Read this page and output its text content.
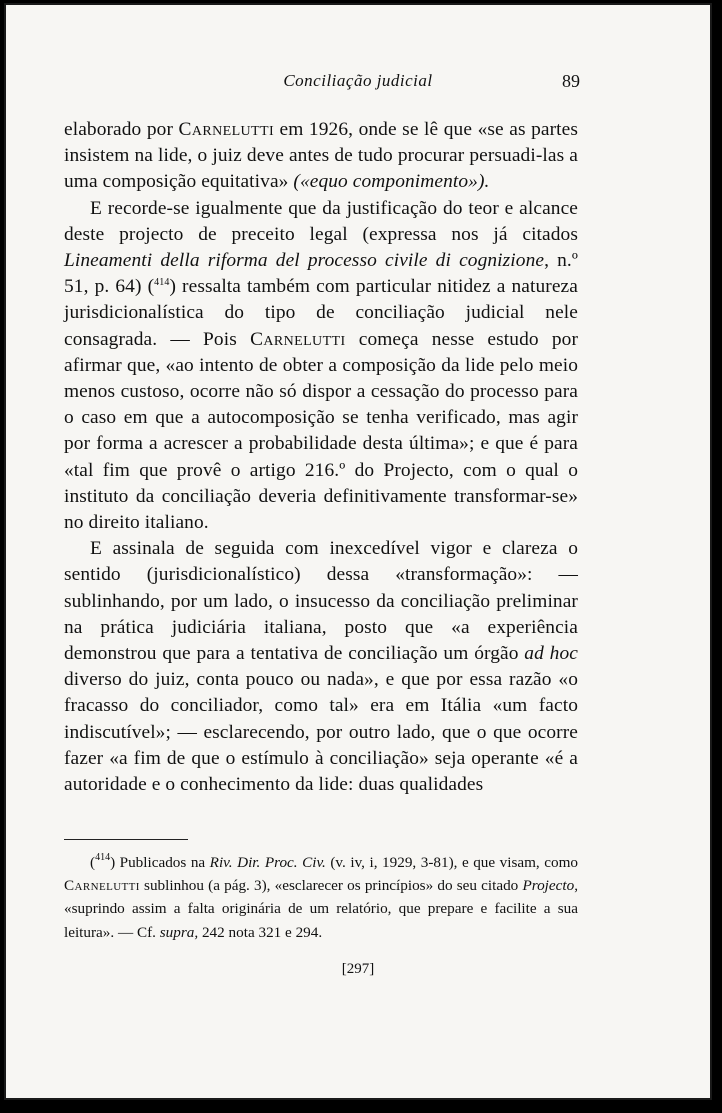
Conciliação judicial	89

elaborado por Carnelutti em 1926, onde se lê que «se as partes insistem na lide, o juiz deve antes de tudo procurar persuadi-las a uma composição equitativa» («equo componimento»).

E recorde-se igualmente que da justificação do teor e alcance deste projecto de preceito legal (expressa nos já citados Lineamenti della riforma del processo civile di cognizione, n.º 51, p. 64) ($^{414}$) ressalta também com particular nitidez a natureza jurisdicionalística do tipo de conciliação judicial nele consagrada. — Pois Carnelutti começa nesse estudo por afirmar que, «ao intento de obter a composição da lide pelo meio menos custoso, ocorre não só dispor a cessação do processo para o caso em que a autocomposição se tenha verificado, mas agir por forma a acrescer a probabilidade desta última»; e que é para «tal fim que provê o artigo 216.º do Projecto, com o qual o instituto da conciliação deveria definitivamente transformar-se» no direito italiano.

E assinala de seguida com inexcedível vigor e clareza o sentido (jurisdicionalístico) dessa «transformação»: — sublinhando, por um lado, o insucesso da conciliação preliminar na prática judiciária italiana, posto que «a experiência demonstrou que para a tentativa de conciliação um órgão ad hoc diverso do juiz, conta pouco ou nada», e que por essa razão «o fracasso do conciliador, como tal» era em Itália «um facto indiscutível»; — esclarecendo, por outro lado, que o que ocorre fazer «a fim de que o estímulo à conciliação» seja operante «é a autoridade e o conhecimento da lide: duas qualidades

($^{414}$) Publicados na Riv. Dir. Proc. Civ. (v. iv, i, 1929, 3-81), e que visam, como Carnelutti sublinhou (a pág. 3), «esclarecer os princípios» do seu citado Projecto, «suprindo assim a falta originária de um relatório, que prepare e facilite a sua leitura». — Cf. supra, 242 nota 321 e 294.

[297]
